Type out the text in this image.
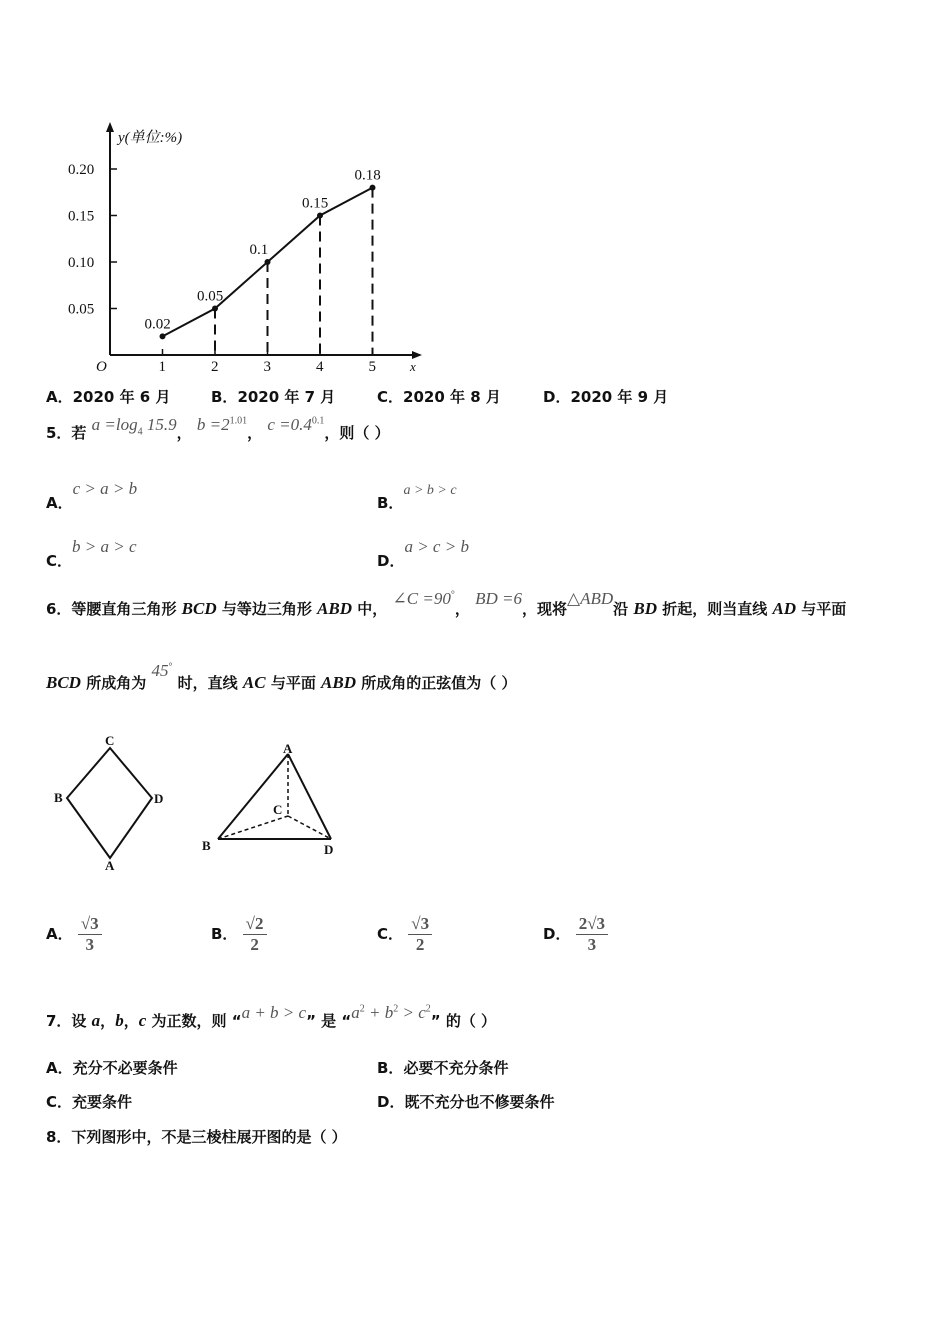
y(单位:%)
x
O
0.05
0.10
0.15
0.20
1	2	3	4	5
0.02
0.05
0.1
0.15
0.18
A．2020 年 6 月	B．2020 年 7 月	C．2020 年 8 月	D．2020 年 9 月
5．若 $a =\log_4$ 15.9， $b =2^{1.01}$， $c =0.4^{0.1}$，则（ ）
A．c > a > b
B．a > b > c
C．b > a > c
D．a > c > b
6．等腰直角三角形 BCD 与等边三角形 ABD 中， ∠C =90°， BD =6，现将△ABD沿 BD 折起，则当直线 AD 与平面
BCD 所成角为 45° 时，直线 AC 与平面 ABD 所成角的正弦值为（ ）
C
B	D
A
A
C
B	D
A． $\frac{√3}{3}$	B． $\frac{√2}{2}$	C． $\frac{√3}{2}$	D． $\frac{2√3}{3}$
7．设 a，b，c 为正数，则 “a + b > c” 是 “$a^2 + b^2 > c^2$” 的（ ）
A．充分不必要条件	B．必要不充分条件
C．充要条件	D．既不充分也不修要条件
8．下列图形中，不是三棱柱展开图的是（ ）
